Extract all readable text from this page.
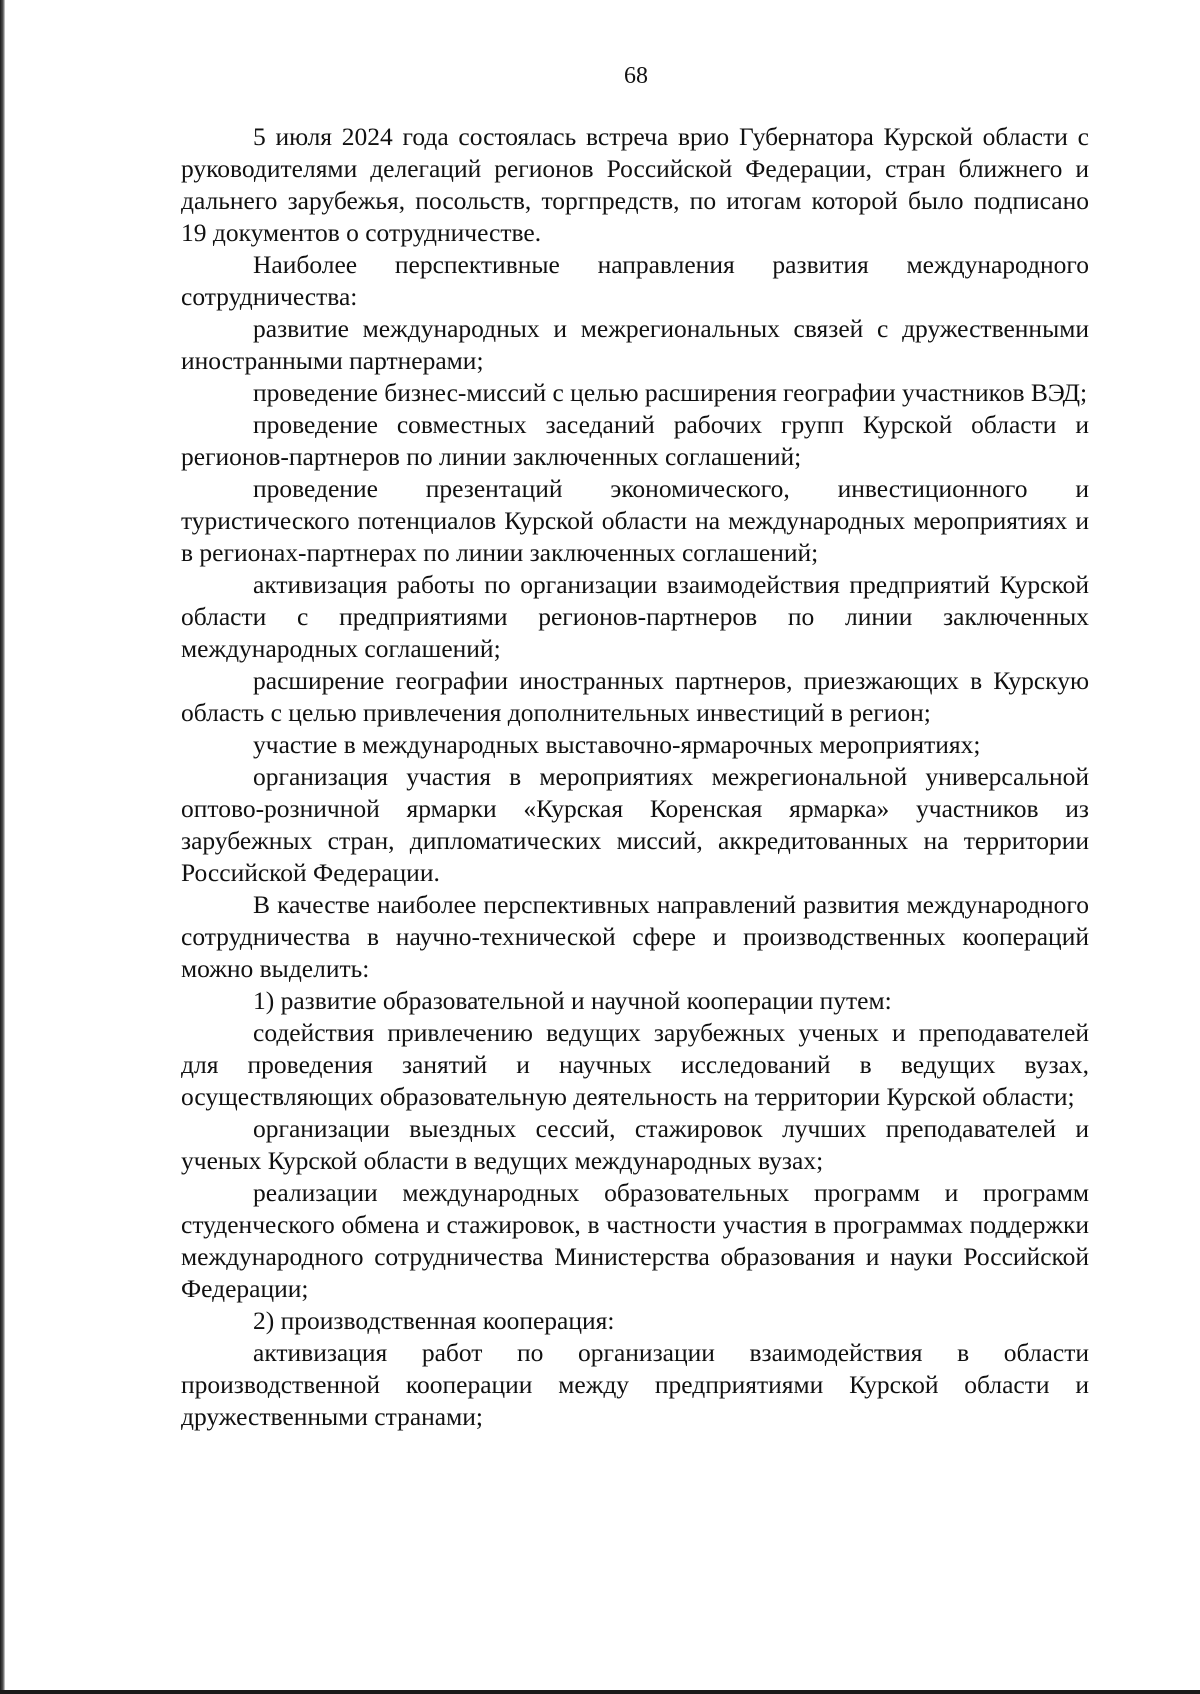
68

5 июля 2024 года состоялась встреча врио Губернатора Курской области с руководителями делегаций регионов Российской Федерации, стран ближнего и дальнего зарубежья, посольств, торгпредств, по итогам которой было подписано 19 документов о сотрудничестве.

Наиболее перспективные направления развития международного сотрудничества:

развитие международных и межрегиональных связей с дружественными иностранными партнерами;

проведение бизнес-миссий с целью расширения географии участников ВЭД;

проведение совместных заседаний рабочих групп Курской области и регионов-партнеров по линии заключенных соглашений;

проведение презентаций экономического, инвестиционного и туристического потенциалов Курской области на международных мероприятиях и в регионах-партнерах по линии заключенных соглашений;

активизация работы по организации взаимодействия предприятий Курской области с предприятиями регионов-партнеров по линии заключенных международных соглашений;

расширение географии иностранных партнеров, приезжающих в Курскую область с целью привлечения дополнительных инвестиций в регион;

участие в международных выставочно-ярмарочных мероприятиях;

организация участия в мероприятиях межрегиональной универсальной оптово-розничной ярмарки «Курская Коренская ярмарка» участников из зарубежных стран, дипломатических миссий, аккредитованных на территории Российской Федерации.

В качестве наиболее перспективных направлений развития международного сотрудничества в научно-технической сфере и производственных коопераций можно выделить:

1) развитие образовательной и научной кооперации путем:

содействия привлечению ведущих зарубежных ученых и преподавателей для проведения занятий и научных исследований в ведущих вузах, осуществляющих образовательную деятельность на территории Курской области;

организации выездных сессий, стажировок лучших преподавателей и ученых Курской области в ведущих международных вузах;

реализации международных образовательных программ и программ студенческого обмена и стажировок, в частности участия в программах поддержки международного сотрудничества Министерства образования и науки Российской Федерации;

2) производственная кооперация:

активизация работ по организации взаимодействия в области производственной кооперации между предприятиями Курской области и дружественными странами;
